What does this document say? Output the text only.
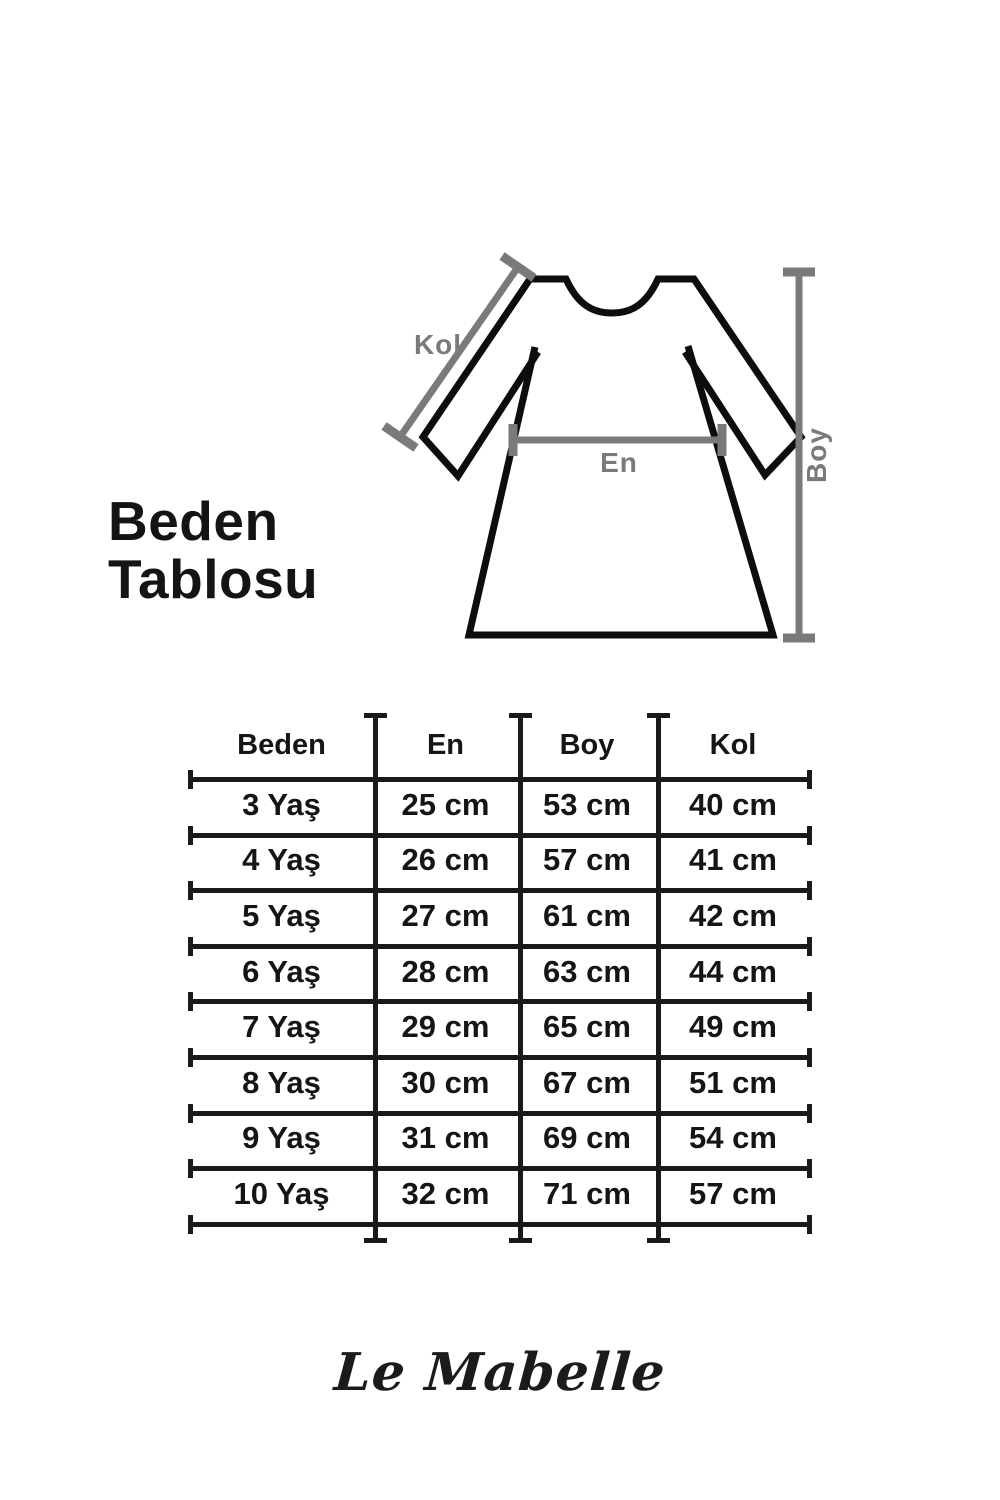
Kol
En	Boy
Beden
Tablosu
Beden	En	Boy	Kol
3 Yaş	25 cm	53 cm	40 cm
4 Yaş	26 cm	57 cm	41 cm
5 Yaş	27 cm	61 cm	42 cm
6 Yaş	28 cm	63 cm	44 cm
7 Yaş	29 cm	65 cm	49 cm
8 Yaş	30 cm	67 cm	51 cm
9 Yaş	31 cm	69 cm	54 cm
10 Yaş	32 cm	71 cm	57 cm
Le Mabelle
